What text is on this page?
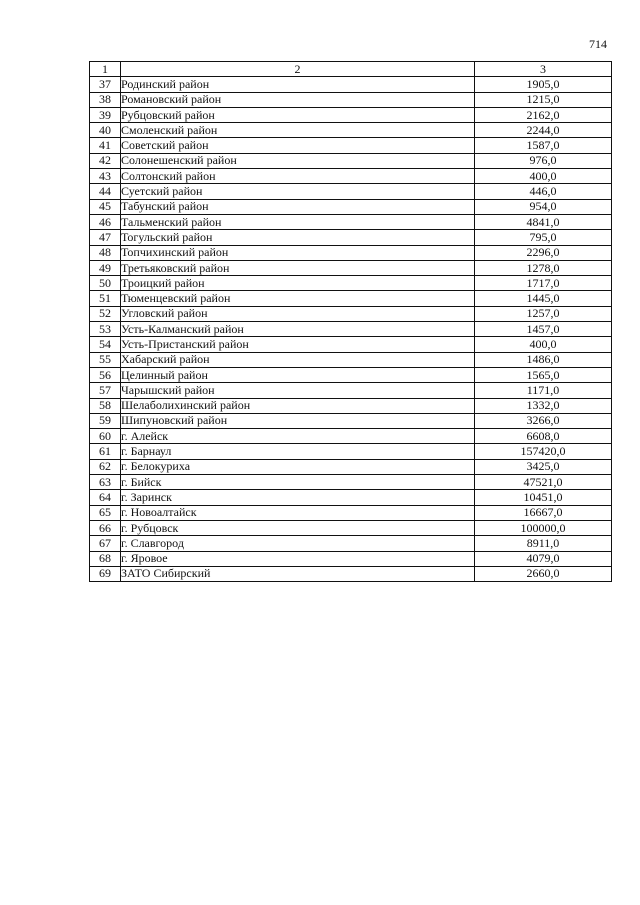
714
1	2	3
37	Родинский район	1905,0
38	Романовский район	1215,0
39	Рубцовский район	2162,0
40	Смоленский район	2244,0
41	Советский район	1587,0
42	Солонешенский район	976,0
43	Солтонский район	400,0
44	Суетский район	446,0
45	Табунский район	954,0
46	Тальменский район	4841,0
47	Тогульский район	795,0
48	Топчихинский район	2296,0
49	Третьяковский район	1278,0
50	Троицкий район	1717,0
51	Тюменцевский район	1445,0
52	Угловский район	1257,0
53	Усть-Калманский район	1457,0
54	Усть-Пристанский район	400,0
55	Хабарский район	1486,0
56	Целинный район	1565,0
57	Чарышский район	1171,0
58	Шелаболихинский район	1332,0
59	Шипуновский район	3266,0
60	г. Алейск	6608,0
61	г. Барнаул	157420,0
62	г. Белокуриха	3425,0
63	г. Бийск	47521,0
64	г. Заринск	10451,0
65	г. Новоалтайск	16667,0
66	г. Рубцовск	100000,0
67	г. Славгород	8911,0
68	г. Яровое	4079,0
69	ЗАТО Сибирский	2660,0
